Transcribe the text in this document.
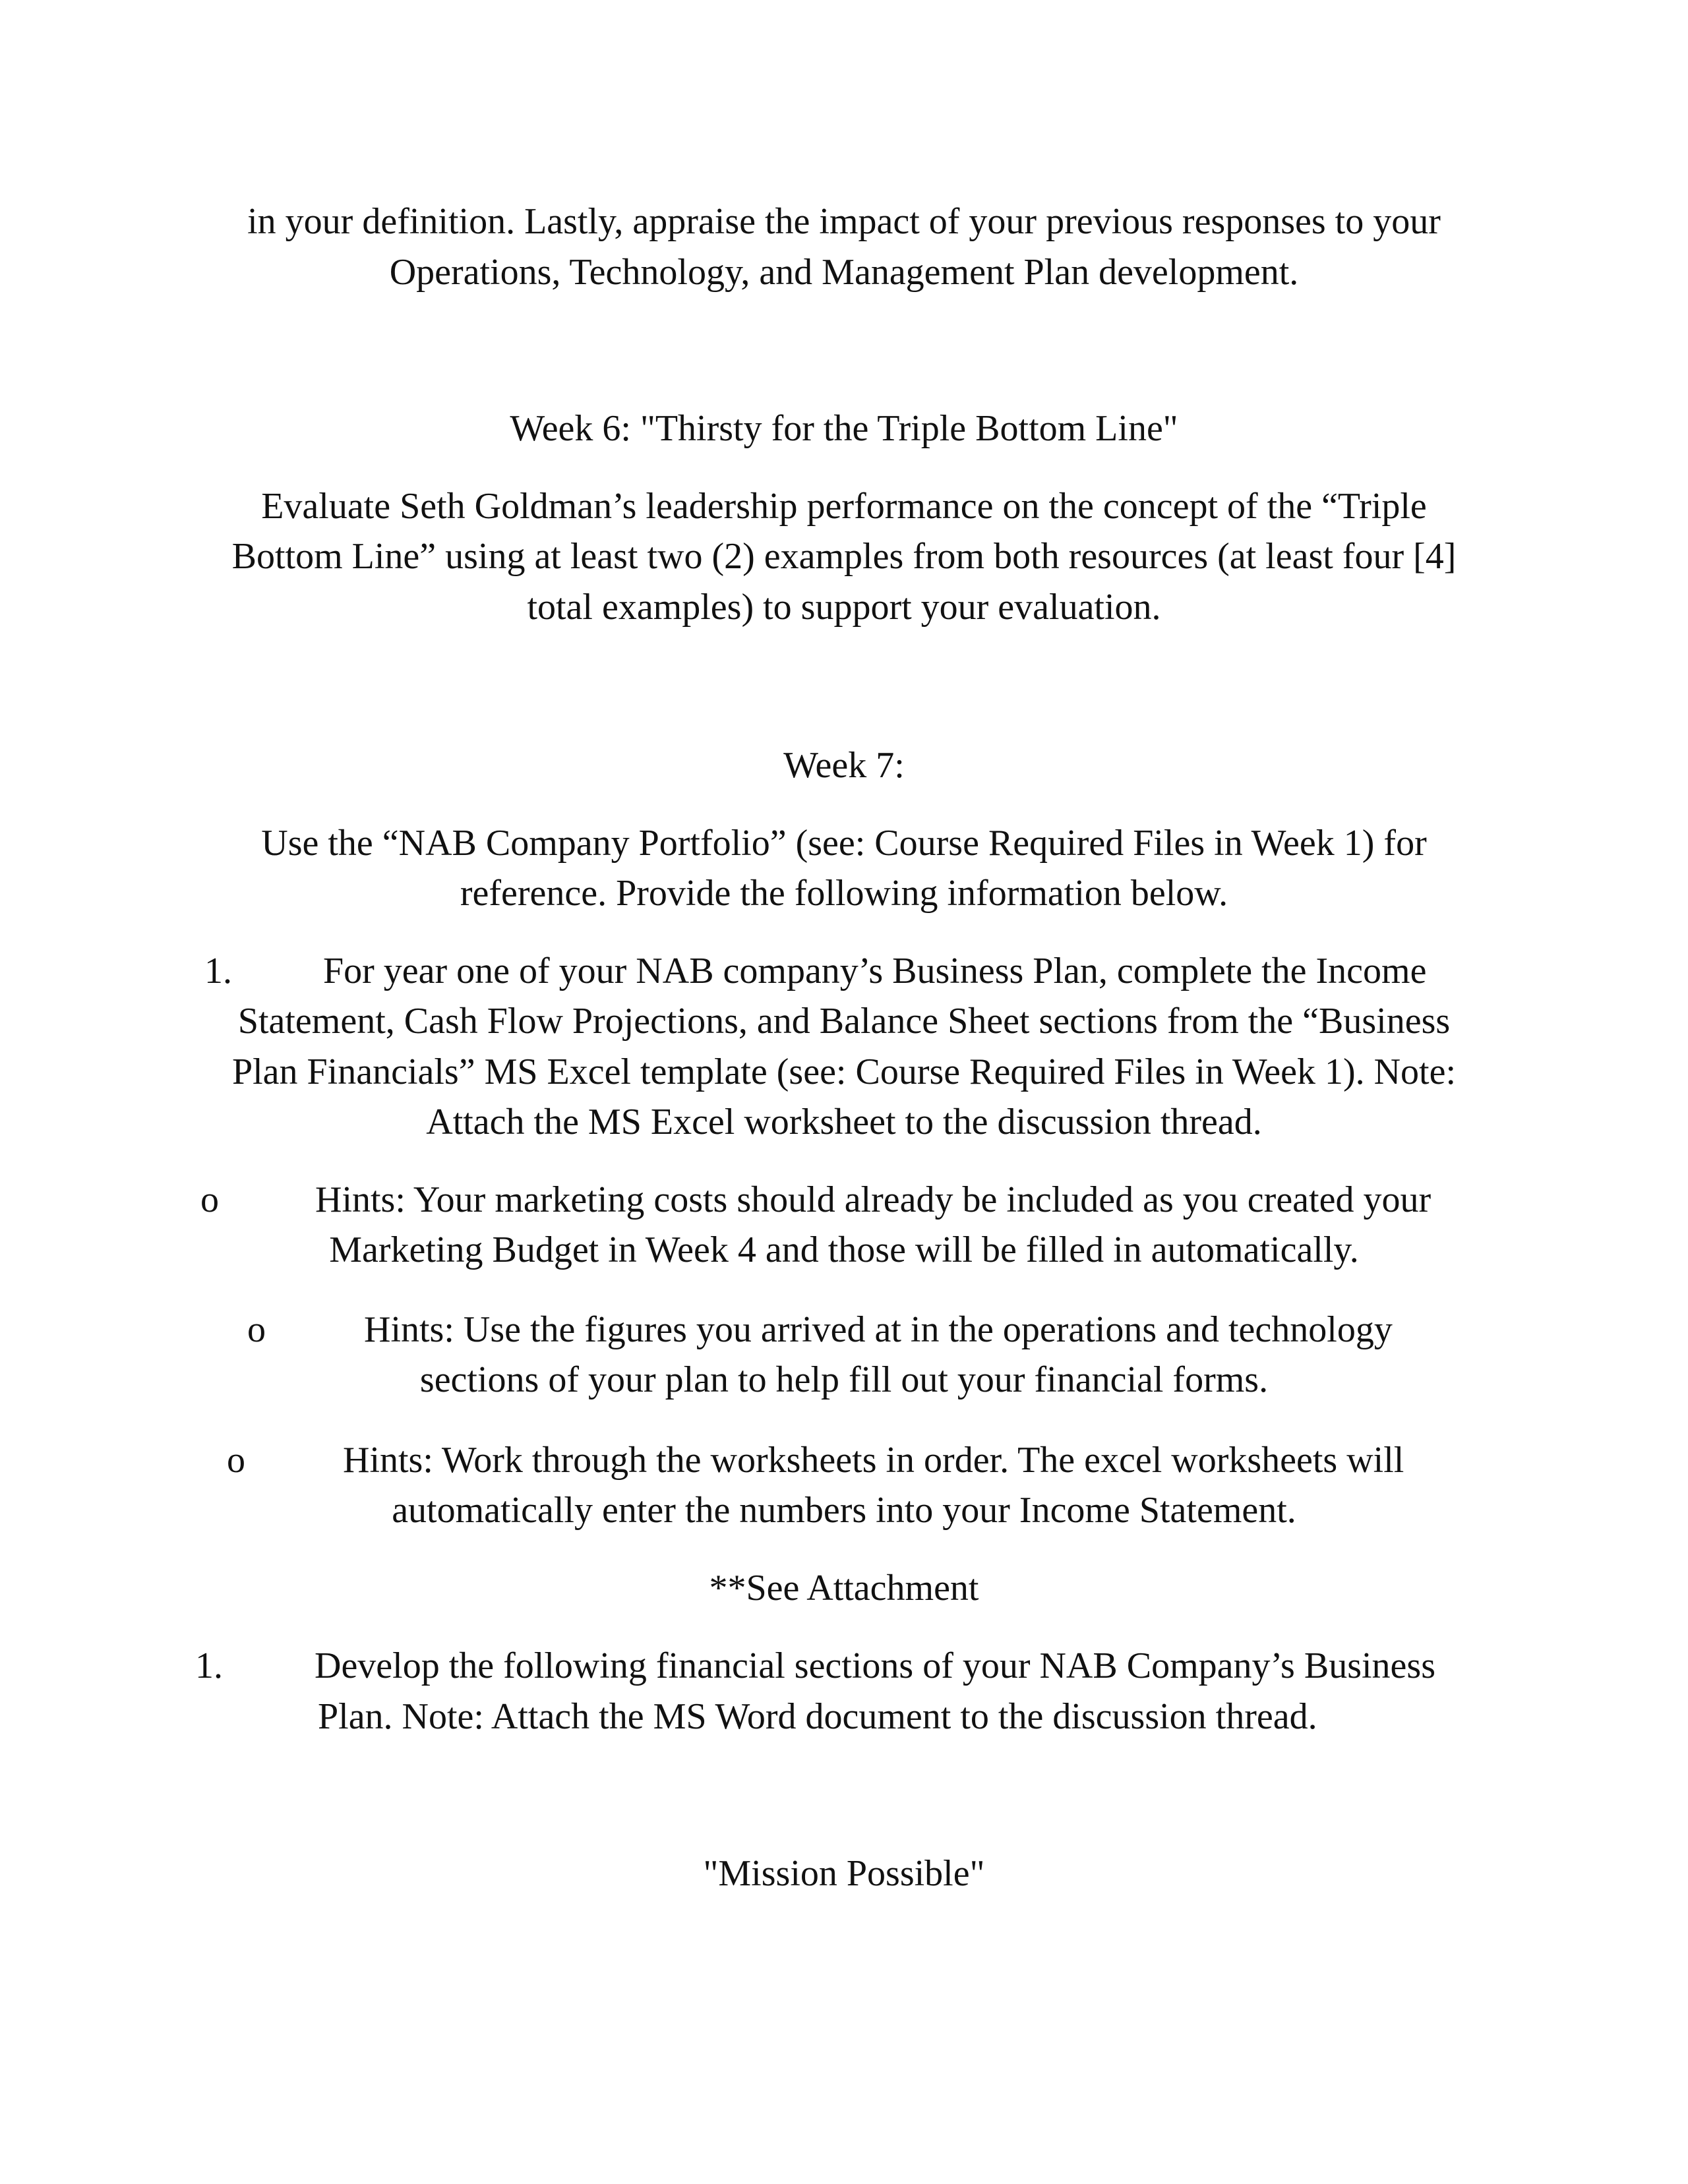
in your definition. Lastly, appraise the impact of your previous responses to your
Operations, Technology, and Management Plan development.
Week 6: "Thirsty for the Triple Bottom Line"
Evaluate Seth Goldman’s leadership performance on the concept of the “Triple
Bottom Line” using at least two (2) examples from both resources (at least four [4]
total examples) to support your evaluation.
Week 7:
Use the “NAB Company Portfolio” (see: Course Required Files in Week 1) for
reference. Provide the following information below.
1. For year one of your NAB company’s Business Plan, complete the Income
Statement, Cash Flow Projections, and Balance Sheet sections from the “Business
Plan Financials” MS Excel template (see: Course Required Files in Week 1). Note:
Attach the MS Excel worksheet to the discussion thread.
o	Hints: Your marketing costs should already be included as you created your
Marketing Budget in Week 4 and those will be filled in automatically.
o	Hints: Use the figures you arrived at in the operations and technology
sections of your plan to help fill out your financial forms.
o	Hints: Work through the worksheets in order. The excel worksheets will
automatically enter the numbers into your Income Statement.
**See Attachment
1. Develop the following financial sections of your NAB Company’s Business
Plan. Note: Attach the MS Word document to the discussion thread.
"Mission Possible"
